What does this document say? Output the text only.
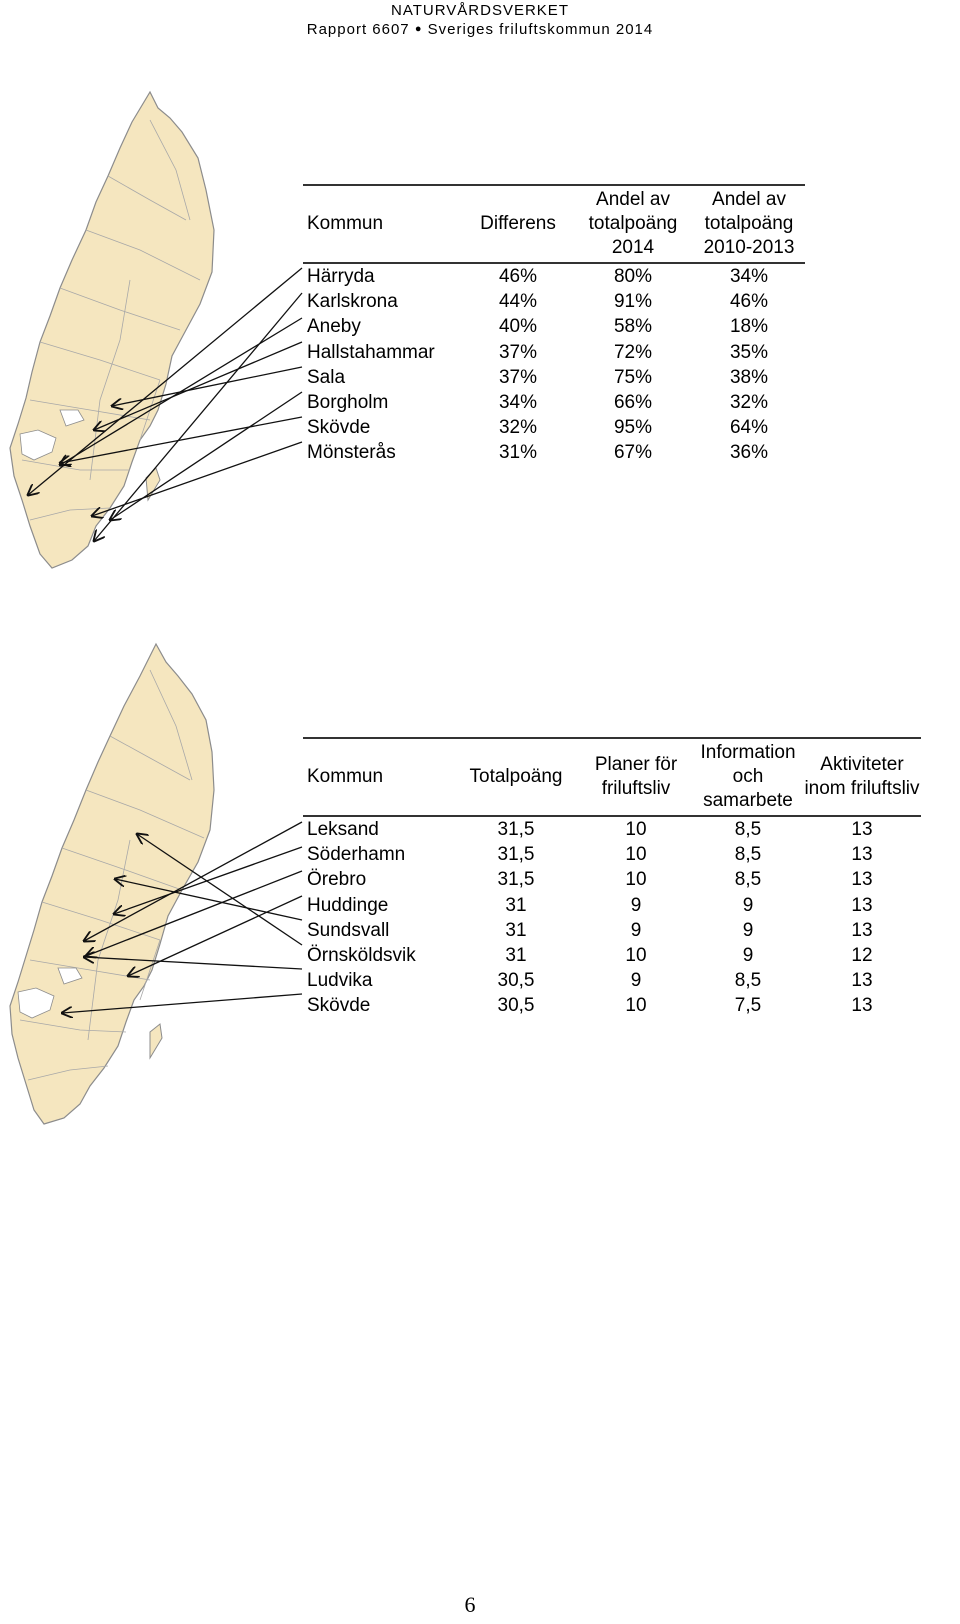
NATURVÅRDSVERKET
Rapport 6607 ● Sveriges friluftskommun 2014
Kommun	Differens	Andel av totalpoäng 2014	Andel av totalpoäng 2010-2013
Härryda	46%	80%	34%
Karlskrona	44%	91%	46%
Aneby	40%	58%	18%
Hallstahammar	37%	72%	35%
Sala	37%	75%	38%
Borgholm	34%	66%	32%
Skövde	32%	95%	64%
Mönsterås	31%	67%	36%
Kommun	Totalpoäng	Planer för friluftsliv	Information och samarbete	Aktiviteter inom friluftsliv
Leksand	31,5	10	8,5	13
Söderhamn	31,5	10	8,5	13
Örebro	31,5	10	8,5	13
Huddinge	31	9	9	13
Sundsvall	31	9	9	13
Örnsköldsvik	31	10	9	12
Ludvika	30,5	9	8,5	13
Skövde	30,5	10	7,5	13
6
